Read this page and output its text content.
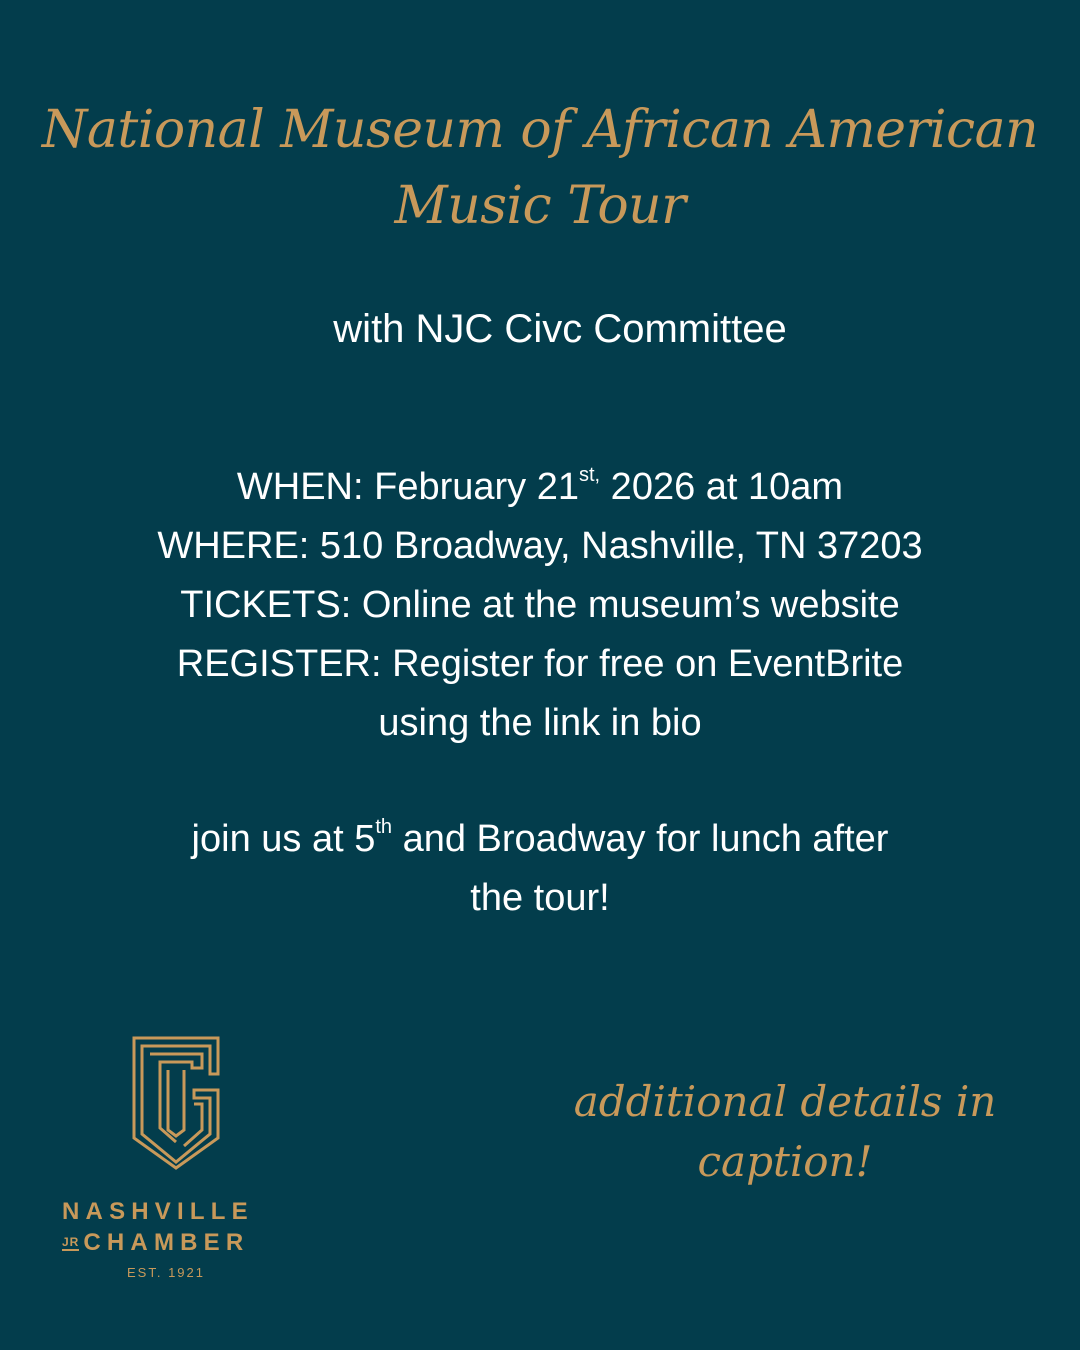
National Museum of African American Music Tour
with NJC Civc Committee
WHEN: February $21^{st,}$ 2026 at 10am
WHERE: 510 Broadway, Nashville, TN 37203
TICKETS: Online at the museum’s website
REGISTER: Register for free on EventBrite
using the link in bio
join us at 5th and Broadway for lunch after
the tour!
additional details in caption!
NASHVILLE
JR CHAMBER
EST. 1921
